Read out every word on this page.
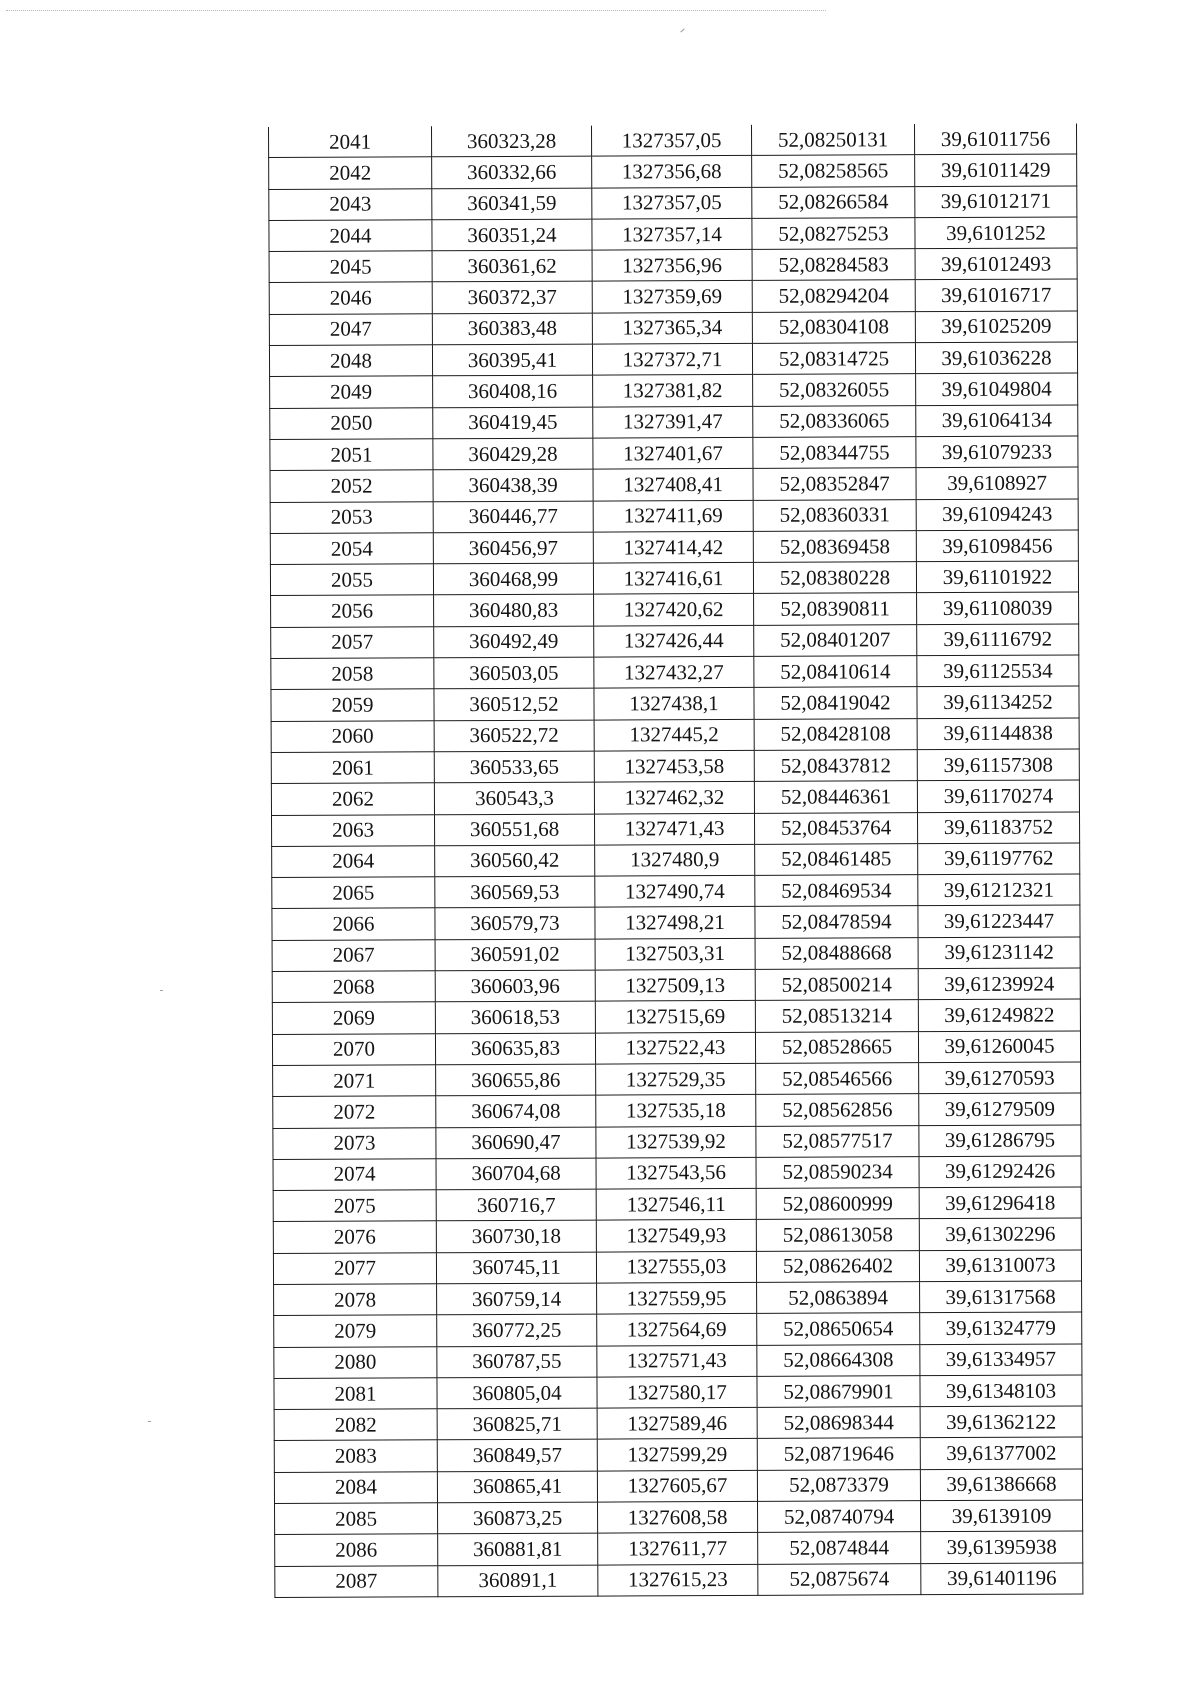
2041	360323,28	1327357,05	52,08250131	39,61011756
2042	360332,66	1327356,68	52,08258565	39,61011429
2043	360341,59	1327357,05	52,08266584	39,61012171
2044	360351,24	1327357,14	52,08275253	39,6101252
2045	360361,62	1327356,96	52,08284583	39,61012493
2046	360372,37	1327359,69	52,08294204	39,61016717
2047	360383,48	1327365,34	52,08304108	39,61025209
2048	360395,41	1327372,71	52,08314725	39,61036228
2049	360408,16	1327381,82	52,08326055	39,61049804
2050	360419,45	1327391,47	52,08336065	39,61064134
2051	360429,28	1327401,67	52,08344755	39,61079233
2052	360438,39	1327408,41	52,08352847	39,6108927
2053	360446,77	1327411,69	52,08360331	39,61094243
2054	360456,97	1327414,42	52,08369458	39,61098456
2055	360468,99	1327416,61	52,08380228	39,61101922
2056	360480,83	1327420,62	52,08390811	39,61108039
2057	360492,49	1327426,44	52,08401207	39,61116792
2058	360503,05	1327432,27	52,08410614	39,61125534
2059	360512,52	1327438,1	52,08419042	39,61134252
2060	360522,72	1327445,2	52,08428108	39,61144838
2061	360533,65	1327453,58	52,08437812	39,61157308
2062	360543,3	1327462,32	52,08446361	39,61170274
2063	360551,68	1327471,43	52,08453764	39,61183752
2064	360560,42	1327480,9	52,08461485	39,61197762
2065	360569,53	1327490,74	52,08469534	39,61212321
2066	360579,73	1327498,21	52,08478594	39,61223447
2067	360591,02	1327503,31	52,08488668	39,61231142
2068	360603,96	1327509,13	52,08500214	39,61239924
2069	360618,53	1327515,69	52,08513214	39,61249822
2070	360635,83	1327522,43	52,08528665	39,61260045
2071	360655,86	1327529,35	52,08546566	39,61270593
2072	360674,08	1327535,18	52,08562856	39,61279509
2073	360690,47	1327539,92	52,08577517	39,61286795
2074	360704,68	1327543,56	52,08590234	39,61292426
2075	360716,7	1327546,11	52,08600999	39,61296418
2076	360730,18	1327549,93	52,08613058	39,61302296
2077	360745,11	1327555,03	52,08626402	39,61310073
2078	360759,14	1327559,95	52,0863894	39,61317568
2079	360772,25	1327564,69	52,08650654	39,61324779
2080	360787,55	1327571,43	52,08664308	39,61334957
2081	360805,04	1327580,17	52,08679901	39,61348103
2082	360825,71	1327589,46	52,08698344	39,61362122
2083	360849,57	1327599,29	52,08719646	39,61377002
2084	360865,41	1327605,67	52,0873379	39,61386668
2085	360873,25	1327608,58	52,08740794	39,6139109
2086	360881,81	1327611,77	52,0874844	39,61395938
2087	360891,1	1327615,23	52,0875674	39,61401196
